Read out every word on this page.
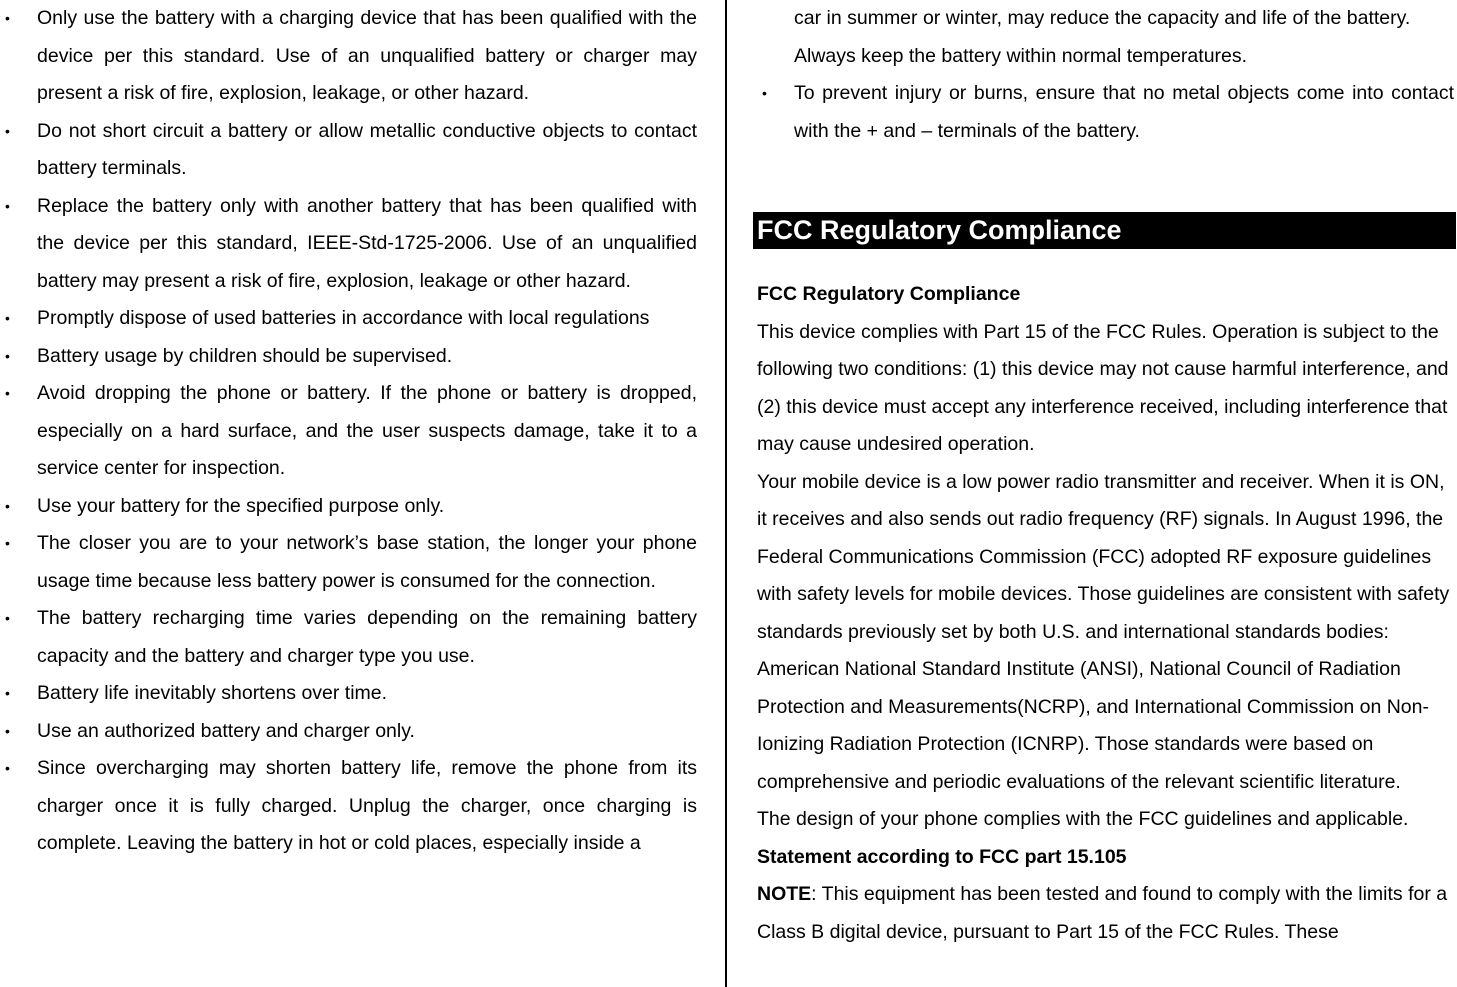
• Only use the battery with a charging device that has been qualified with the device per this standard. Use of an unqualified battery or charger may present a risk of fire, explosion, leakage, or other hazard.
• Do not short circuit a battery or allow metallic conductive objects to contact battery terminals.
• Replace the battery only with another battery that has been qualified with the device per this standard, IEEE-Std-1725-2006. Use of an unqualified battery may present a risk of fire, explosion, leakage or other hazard.
• Promptly dispose of used batteries in accordance with local regulations
• Battery usage by children should be supervised.
• Avoid dropping the phone or battery. If the phone or battery is dropped, especially on a hard surface, and the user suspects damage, take it to a service center for inspection.
• Use your battery for the specified purpose only.
• The closer you are to your network’s base station, the longer your phone usage time because less battery power is consumed for the connection.
• The battery recharging time varies depending on the remaining battery capacity and the battery and charger type you use.
• Battery life inevitably shortens over time.
• Use an authorized battery and charger only.
• Since overcharging may shorten battery life, remove the phone from its charger once it is fully charged. Unplug the charger, once charging is complete. Leaving the battery in hot or cold places, especially inside a
car in summer or winter, may reduce the capacity and life of the battery. Always keep the battery within normal temperatures.
• To prevent injury or burns, ensure that no metal objects come into contact with the + and – terminals of the battery.
FCC Regulatory Compliance

FCC Regulatory Compliance

This device complies with Part 15 of the FCC Rules. Operation is subject to the following two conditions: (1) this device may not cause harmful interference, and (2) this device must accept any interference received, including interference that may cause undesired operation.

Your mobile device is a low power radio transmitter and receiver. When it is ON, it receives and also sends out radio frequency (RF) signals. In August 1996, the Federal Communications Commission (FCC) adopted RF exposure guidelines with safety levels for mobile devices. Those guidelines are consistent with safety standards previously set by both U.S. and international standards bodies: American National Standard Institute (ANSI), National Council of Radiation Protection and Measurements(NCRP), and International Commission on Non-Ionizing Radiation Protection (ICNRP). Those standards were based on comprehensive and periodic evaluations of the relevant scientific literature.

The design of your phone complies with the FCC guidelines and applicable.

Statement according to FCC part 15.105

NOTE: This equipment has been tested and found to comply with the limits for a Class B digital device, pursuant to Part 15 of the FCC Rules. These
